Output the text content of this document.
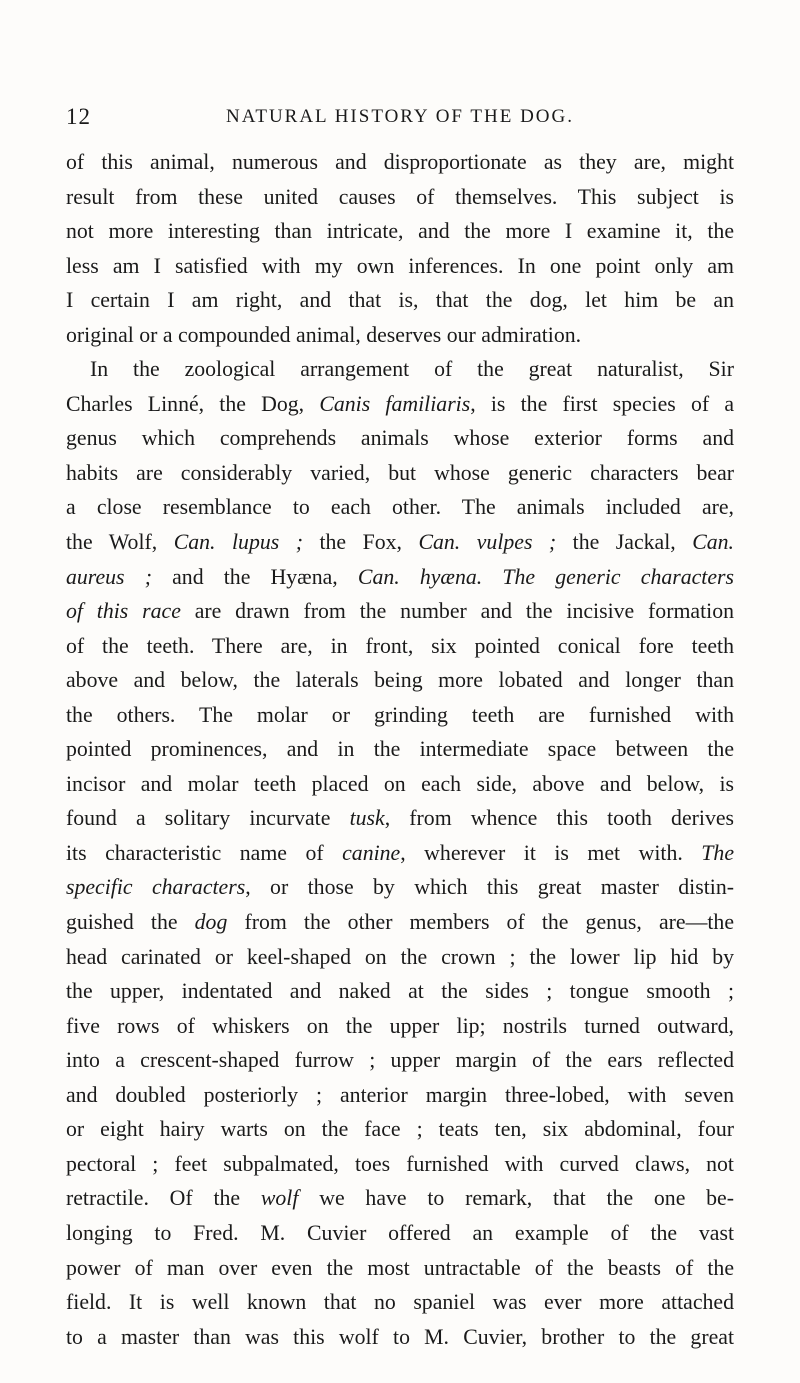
12	NATURAL HISTORY OF THE DOG.
of this animal, numerous and disproportionate as they are, might
result from these united causes of themselves. This subject is
not more interesting than intricate, and the more I examine it, the
less am I satisfied with my own inferences. In one point only am
I certain I am right, and that is, that the dog, let him be an
original or a compounded animal, deserves our admiration.
In the zoological arrangement of the great naturalist, Sir
Charles Linné, the Dog, Canis familiaris, is the first species of a
genus which comprehends animals whose exterior forms and
habits are considerably varied, but whose generic characters bear
a close resemblance to each other. The animals included are,
the Wolf, Can. lupus ; the Fox, Can. vulpes ; the Jackal, Can.
aureus ; and the Hyæna, Can. hyæna. The generic characters
of this race are drawn from the number and the incisive formation
of the teeth. There are, in front, six pointed conical fore teeth
above and below, the laterals being more lobated and longer than
the others. The molar or grinding teeth are furnished with
pointed prominences, and in the intermediate space between the
incisor and molar teeth placed on each side, above and below, is
found a solitary incurvate tusk, from whence this tooth derives
its characteristic name of canine, wherever it is met with. The
specific characters, or those by which this great master distin-
guished the dog from the other members of the genus, are—the
head carinated or keel-shaped on the crown ; the lower lip hid by
the upper, indentated and naked at the sides ; tongue smooth ;
five rows of whiskers on the upper lip; nostrils turned outward,
into a crescent-shaped furrow ; upper margin of the ears reflected
and doubled posteriorly ; anterior margin three-lobed, with seven
or eight hairy warts on the face ; teats ten, six abdominal, four
pectoral ; feet subpalmated, toes furnished with curved claws, not
retractile. Of the wolf we have to remark, that the one be-
longing to Fred. M. Cuvier offered an example of the vast
power of man over even the most untractable of the beasts of the
field. It is well known that no spaniel was ever more attached
to a master than was this wolf to M. Cuvier, brother to the great
